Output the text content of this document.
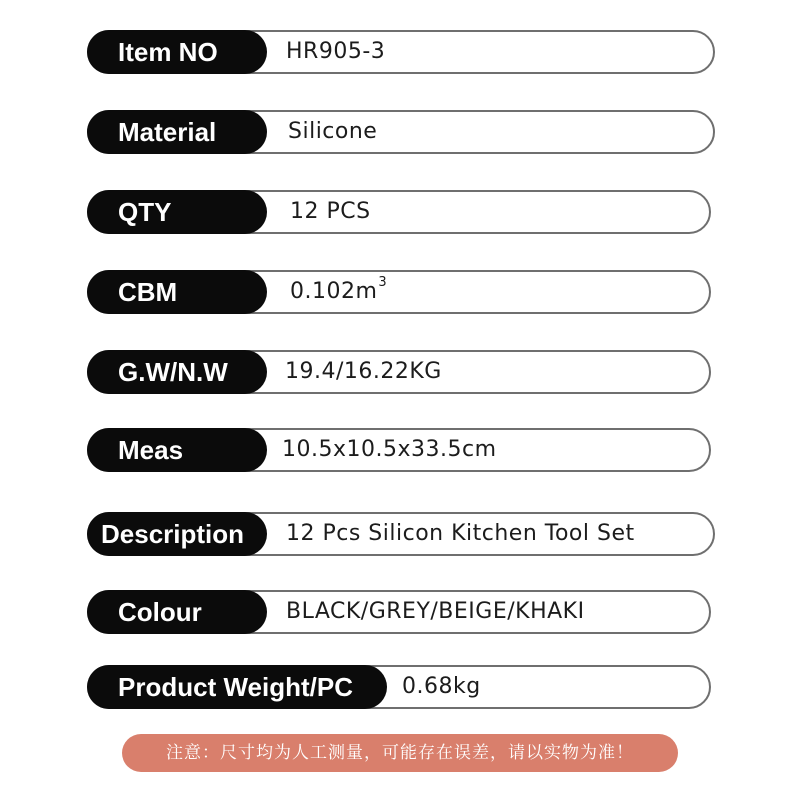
Item NO	HR905-3
Material	Silicone
QTY	12 PCS
CBM	$0.102m^3$
G.W/N.W	19.4/16.22KG
Meas	10.5x10.5x33.5cm
Description	12 Pcs Silicon Kitchen Tool Set
Colour	BLACK/GREY/BEIGE/KHAKI
Product Weight/PC	0.68kg
注意：尺寸均为人工测量，可能存在误差，请以实物为准！
